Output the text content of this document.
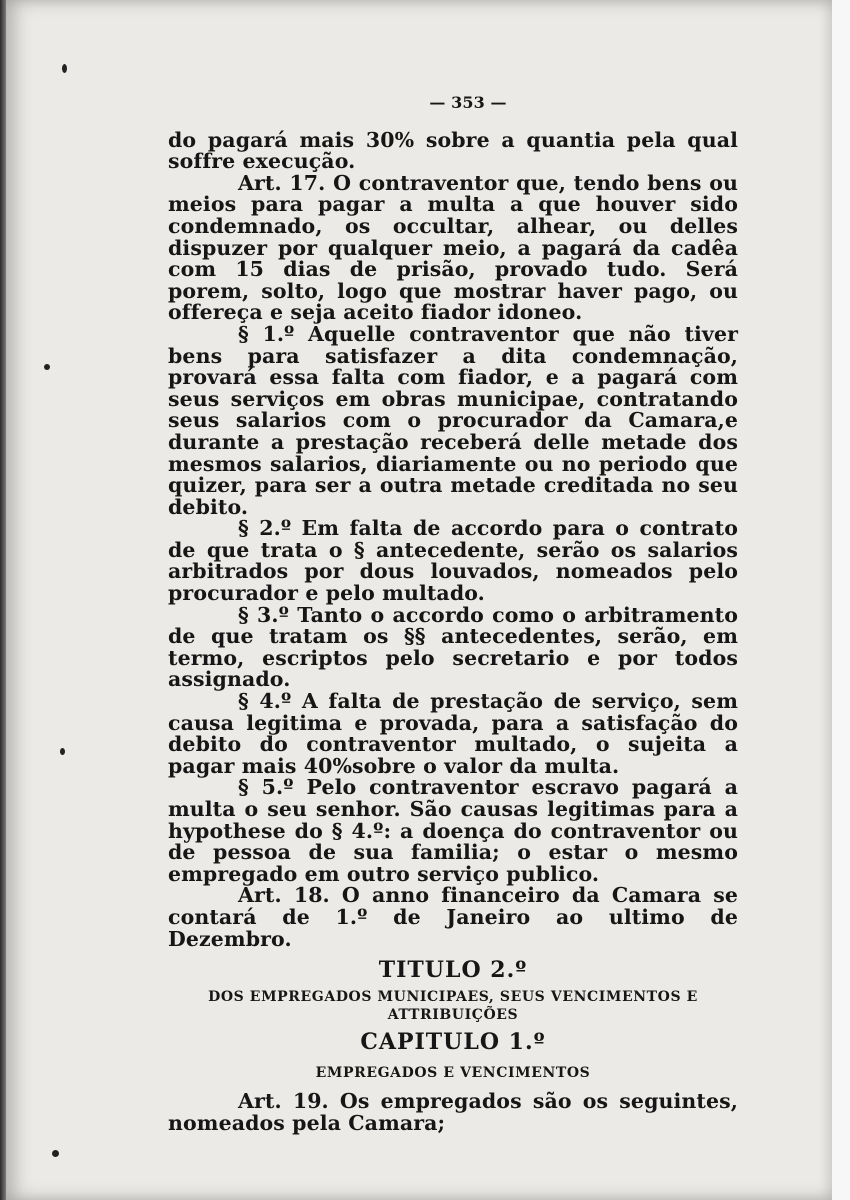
— 353 —

do pagará mais 30% sobre a quantia pela qual soffre execução.

Art. 17. O contraventor que, tendo bens ou meios para pagar a multa a que houver sido condemnado, os occultar, alhear, ou delles dispuzer por qualquer meio, a pagará da cadêa com 15 dias de prisão, provado tudo. Será porem, solto, logo que mostrar haver pago, ou offereça e seja aceito fiador idoneo.

§ 1.º Aquelle contraventor que não tiver bens para satisfazer a dita condemnação, provará essa falta com fiador, e a pagará com seus serviços em obras municipae, contratando seus salarios com o procurador da Camara,e durante a prestação receberá delle metade dos mesmos salarios, diariamente ou no periodo que quizer, para ser a outra metade creditada no seu debito.

§ 2.º Em falta de accordo para o contrato de que trata o § antecedente, serão os salarios arbitrados por dous louvados, nomeados pelo procurador e pelo multado.

§ 3.º Tanto o accordo como o arbitramento de que tratam os §§ antecedentes, serão, em termo, escriptos pelo secretario e por todos assignado.

§ 4.º A falta de prestação de serviço, sem causa legitima e provada, para a satisfação do debito do contraventor multado, o sujeita a pagar mais 40%sobre o valor da multa.

§ 5.º Pelo contraventor escravo pagará a multa o seu senhor. São causas legitimas para a hypothese do § 4.º: a doença do contraventor ou de pessoa de sua familia; o estar o mesmo empregado em outro serviço publico.

Art. 18. O anno financeiro da Camara se contará de 1.º de Janeiro ao ultimo de Dezembro.

TITULO 2.º

DOS EMPREGADOS MUNICIPAES, SEUS VENCIMENTOS E ATTRIBUIÇÕES

CAPITULO 1.º

EMPREGADOS E VENCIMENTOS

Art. 19. Os empregados são os seguintes, nomeados pela Camara;
